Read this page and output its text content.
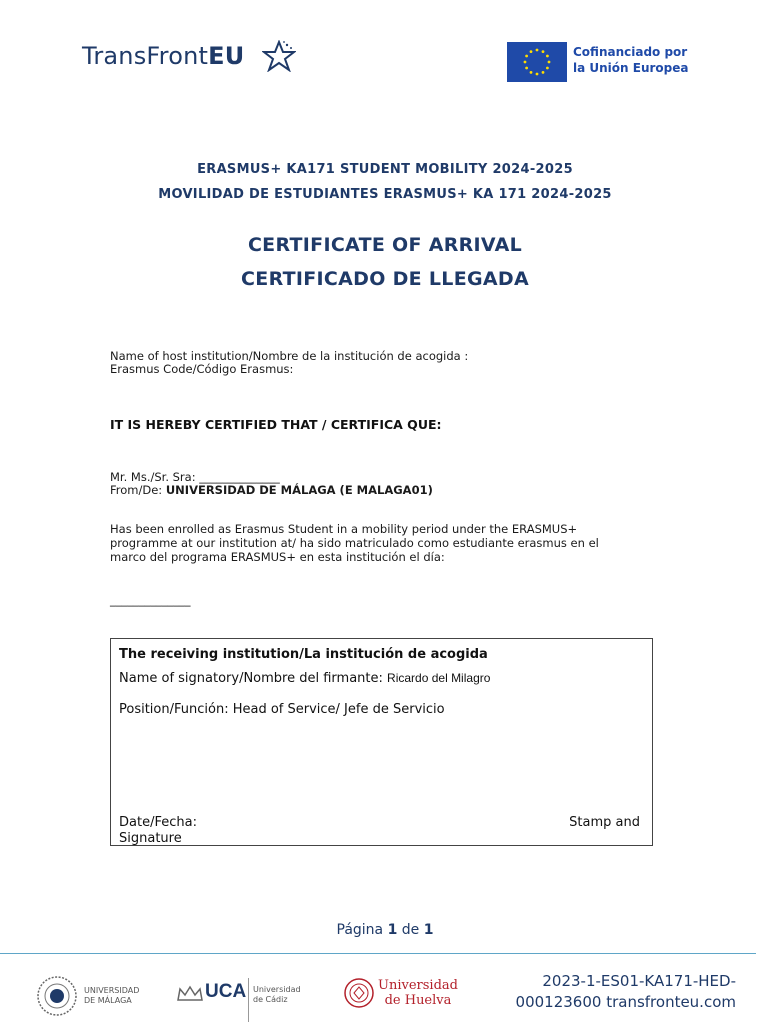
TransFrontEU	Cofinanciado por
la Unión Europea
ERASMUS+ KA171 STUDENT MOBILITY 2024-2025
MOVILIDAD DE ESTUDIANTES ERASMUS+ KA 171 2024-2025
CERTIFICATE OF ARRIVAL
CERTIFICADO DE LLEGADA
Name of host institution/Nombre de la institución de acogida :
Erasmus Code/Código Erasmus:
IT IS HEREBY CERTIFIED THAT / CERTIFICA QUE:
Mr. Ms./Sr. Sra: ______________
From/De: UNIVERSIDAD DE MÁLAGA (E MALAGA01)
Has been enrolled as Erasmus Student in a mobility period under the ERASMUS+
programme at our institution at/ ha sido matriculado como estudiante erasmus en el
marco del programa ERASMUS+ en esta institución el día:
______________
The receiving institution/La institución de acogida
Name of signatory/Nombre del firmante: Ricardo del Milagro
Position/Función: Head of Service/ Jefe de Servicio
Date/Fecha:	Stamp and
Signature
Página 1 de 1
UNIVERSIDAD
DE MÁLAGA	UCA Universidad
de Cádiz
Universidad
de Huelva
2023-1-ES01-KA171-HED-
000123600 transfronteu.com
